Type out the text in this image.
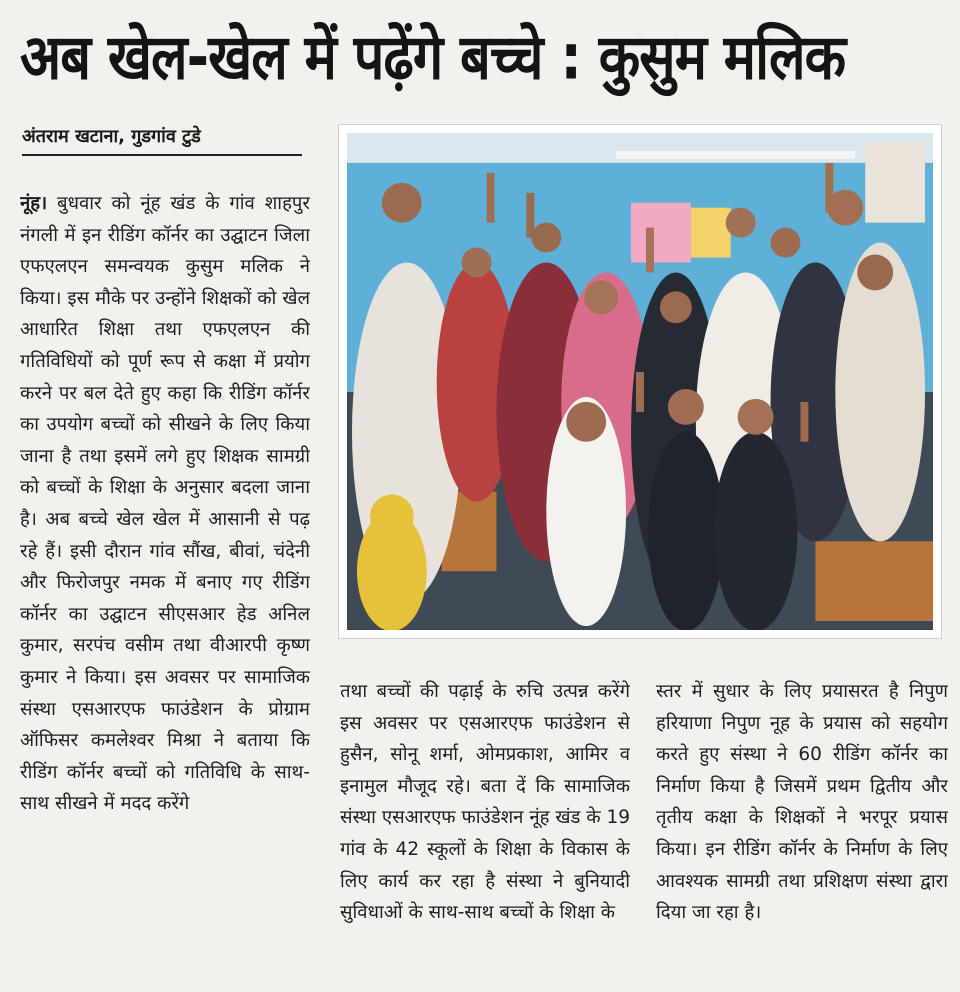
अब खेल-खेल में पढ़ेंगे बच्चे : कुसुम मलिक
अंतराम खटाना, गुडगांव टुडे
नूंह। बुधवार को नूंह खंड के गांव शाहपुर नंगली में इन रीडिंग कॉर्नर का उद्घाटन जिला एफएलएन समन्वयक कुसुम मलिक ने किया। इस मौके पर उन्होंने शिक्षकों को खेल आधारित शिक्षा तथा एफएलएन की गतिविधियों को पूर्ण रूप से कक्षा में प्रयोग करने पर बल देते हुए कहा कि रीडिंग कॉर्नर का उपयोग बच्चों को सीखने के लिए किया जाना है तथा इसमें लगे हुए शिक्षक सामग्री को बच्चों के शिक्षा के अनुसार बदला जाना है। अब बच्चे खेल खेल में आसानी से पढ़ रहे हैं। इसी दौरान गांव सौंख, बीवां, चंदेनी और फिरोजपुर नमक में बनाए गए रीडिंग कॉर्नर का उद्घाटन सीएसआर हेड अनिल कुमार, सरपंच वसीम तथा वीआरपी कृष्ण कुमार ने किया। इस अवसर पर सामाजिक संस्था एसआरएफ फाउंडेशन के प्रोग्राम ऑफिसर कमलेश्वर मिश्रा ने बताया कि रीडिंग कॉर्नर बच्चों को गतिविधि के साथ-साथ सीखने में मदद करेंगे
तथा बच्चों की पढ़ाई के रुचि उत्पन्न करेंगे इस अवसर पर एसआरएफ फाउंडेशन से हुसैन, सोनू शर्मा, ओमप्रकाश, आमिर व इनामुल मौजूद रहे। बता दें कि सामाजिक संस्था एसआरएफ फाउंडेशन नूंह खंड के 19 गांव के 42 स्कूलों के शिक्षा के विकास के लिए कार्य कर रहा है संस्था ने बुनियादी सुविधाओं के साथ-साथ बच्चों के शिक्षा के
स्तर में सुधार के लिए प्रयासरत है निपुण हरियाणा निपुण नूह के प्रयास को सहयोग करते हुए संस्था ने 60 रीडिंग कॉर्नर का निर्माण किया है जिसमें प्रथम द्वितीय और तृतीय कक्षा के शिक्षकों ने भरपूर प्रयास किया। इन रीडिंग कॉर्नर के निर्माण के लिए आवश्यक सामग्री तथा प्रशिक्षण संस्था द्वारा दिया जा रहा है।
